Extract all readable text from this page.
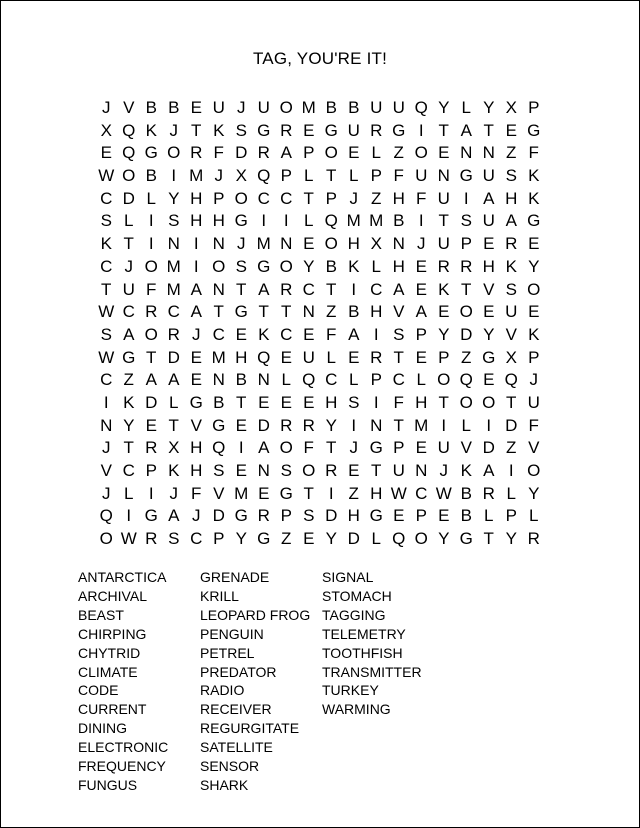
TAG, YOU'RE IT!
J V B B E U J U O M B B U U Q Y L Y X P
X Q K J T K S G R E G U R G I T A T E G
E Q G O R F D R A P O E L Z O E N N Z F
W O B I M J X Q P L T L P F U N G U S K
C D L Y H P O C C T P J Z H F U I A H K
S L I S H H G I	I L Q M M B I T S U A G
K T I N I N J M N E O H X N J U P E R E
C J O M I O S G O Y B K L H E R R H K Y
T U F M A N T A R C T I C A E K T V S O
W C R C A T G T T N Z B H V A E O E U E
S A O R J C E K C E F A I S P Y D Y V K
W G T D E M H Q E U L E R T E P Z G X P
C Z A A E N B N L Q C L P C L O Q E Q J
I K D L G B T E E E H S I F H T O O T U
N Y E T V G E D R R Y I N T M I L I D F
J T R X H Q I A O F T J G P E U V D Z V
V C P K H S E N S O R E T U N J K A I O
J L I J F V M E G T I Z H W C W B R L Y
Q I G A J D G R P S D H G E P E B L P L
O W R S C P Y G Z E Y D L Q O Y G T Y R
ANTARCTICA
ARCHIVAL
BEAST
CHIRPING
CHYTRID
CLIMATE
CODE
CURRENT
DINING
ELECTRONIC
FREQUENCY
FUNGUS
GRENADE
KRILL
LEOPARD FROG
PENGUIN
PETREL
PREDATOR
RADIO
RECEIVER
REGURGITATE
SATELLITE
SENSOR
SHARK
SIGNAL
STOMACH
TAGGING
TELEMETRY
TOOTHFISH
TRANSMITTER
TURKEY
WARMING
